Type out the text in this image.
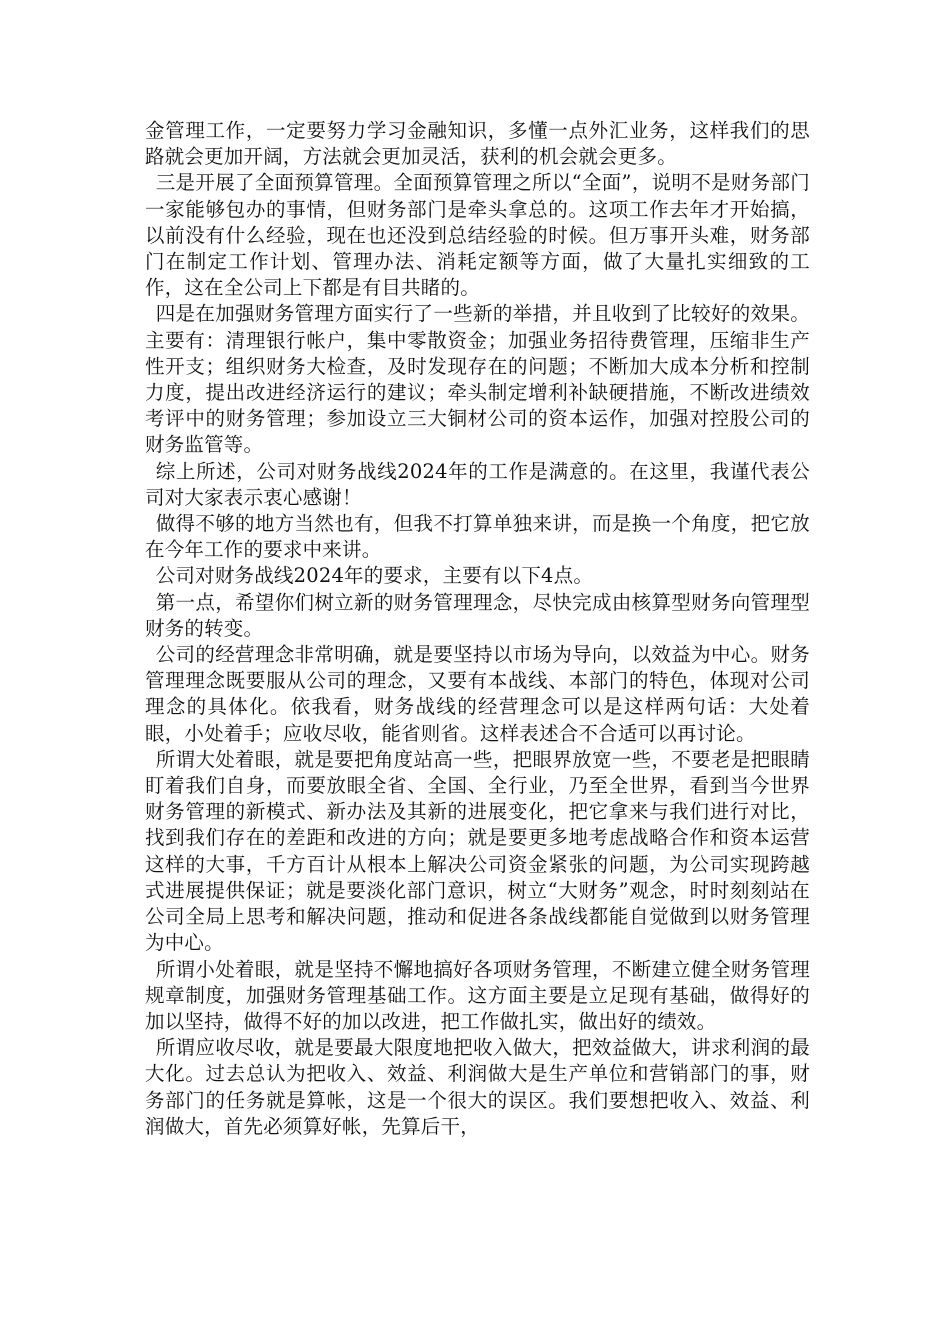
金管理工作，一定要努力学习金融知识，多懂一点外汇业务，这样我们的思路就会更加开阔，方法就会更加灵活，获利的机会就会更多。

三是开展了全面预算管理。全面预算管理之所以“全面”，说明不是财务部门一家能够包办的事情，但财务部门是牵头拿总的。这项工作去年才开始搞，以前没有什么经验，现在也还没到总结经验的时候。但万事开头难，财务部门在制定工作计划、管理办法、消耗定额等方面，做了大量扎实细致的工作，这在全公司上下都是有目共睹的。

四是在加强财务管理方面实行了一些新的举措，并且收到了比较好的效果。主要有：清理银行帐户，集中零散资金；加强业务招待费管理，压缩非生产性开支；组织财务大检查，及时发现存在的问题；不断加大成本分析和控制力度，提出改进经济运行的建议；牵头制定增利补缺硬措施，不断改进绩效考评中的财务管理；参加设立三大铜材公司的资本运作，加强对控股公司的财务监管等。

综上所述，公司对财务战线2024年的工作是满意的。在这里，我谨代表公司对大家表示衷心感谢！

做得不够的地方当然也有，但我不打算单独来讲，而是换一个角度，把它放在今年工作的要求中来讲。

公司对财务战线2024年的要求，主要有以下4点。

第一点，希望你们树立新的财务管理理念，尽快完成由核算型财务向管理型财务的转变。

公司的经营理念非常明确，就是要坚持以市场为导向，以效益为中心。财务管理理念既要服从公司的理念，又要有本战线、本部门的特色，体现对公司理念的具体化。依我看，财务战线的经营理念可以是这样两句话：大处着眼，小处着手；应收尽收，能省则省。这样表述合不合适可以再讨论。

所谓大处着眼，就是要把角度站高一些，把眼界放宽一些，不要老是把眼睛盯着我们自身，而要放眼全省、全国、全行业，乃至全世界，看到当今世界财务管理的新模式、新办法及其新的进展变化，把它拿来与我们进行对比，找到我们存在的差距和改进的方向；就是要更多地考虑战略合作和资本运营这样的大事，千方百计从根本上解决公司资金紧张的问题，为公司实现跨越式进展提供保证；就是要淡化部门意识，树立“大财务”观念，时时刻刻站在公司全局上思考和解决问题，推动和促进各条战线都能自觉做到以财务管理为中心。

所谓小处着眼，就是坚持不懈地搞好各项财务管理，不断建立健全财务管理规章制度，加强财务管理基础工作。这方面主要是立足现有基础，做得好的加以坚持，做得不好的加以改进，把工作做扎实，做出好的绩效。

所谓应收尽收，就是要最大限度地把收入做大，把效益做大，讲求利润的最大化。过去总认为把收入、效益、利润做大是生产单位和营销部门的事，财务部门的任务就是算帐，这是一个很大的误区。我们要想把收入、效益、利润做大，首先必须算好帐，先算后干，
